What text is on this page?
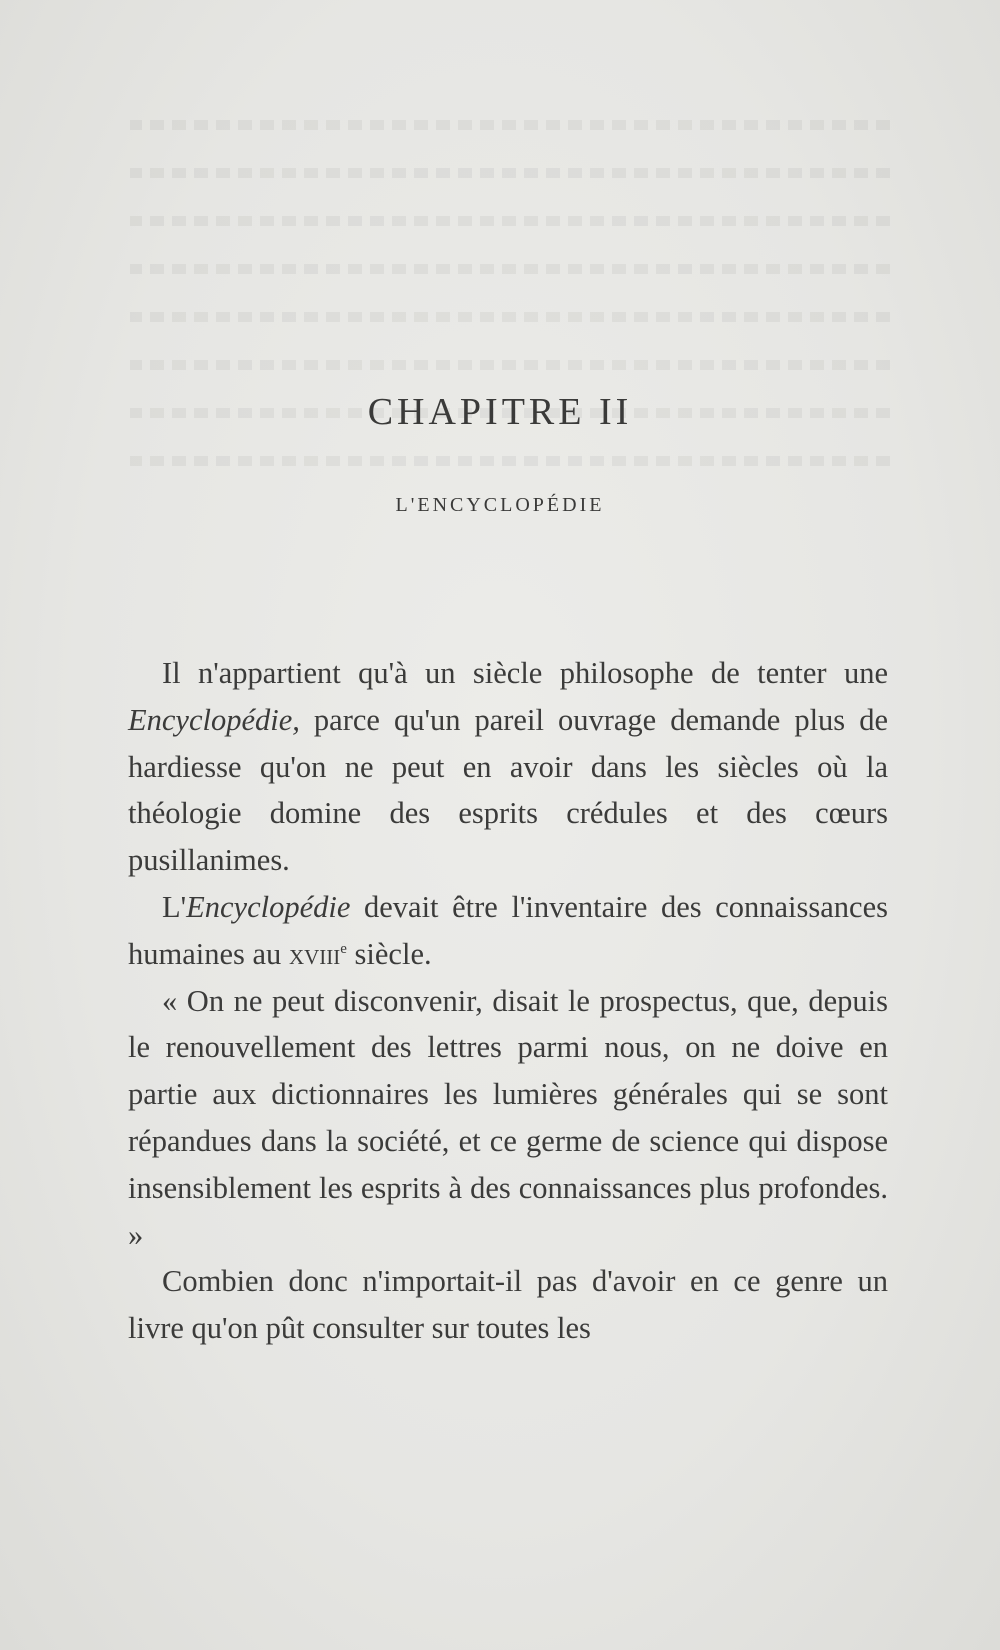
CHAPITRE II
L'ENCYCLOPÉDIE

Il n'appartient qu'à un siècle philosophe de tenter une Encyclopédie, parce qu'un pareil ouvrage demande plus de hardiesse qu'on ne peut en avoir dans les siècles où la théologie domine des esprits crédules et des cœurs pusillanimes.

L'Encyclopédie devait être l'inventaire des connaissances humaines au xviii$^e$ siècle.

« On ne peut disconvenir, disait le prospectus, que, depuis le renouvellement des lettres parmi nous, on ne doive en partie aux dictionnaires les lumières générales qui se sont répandues dans la société, et ce germe de science qui dispose insensiblement les esprits à des connaissances plus profondes. »

Combien donc n'importait-il pas d'avoir en ce genre un livre qu'on pût consulter sur toutes les
